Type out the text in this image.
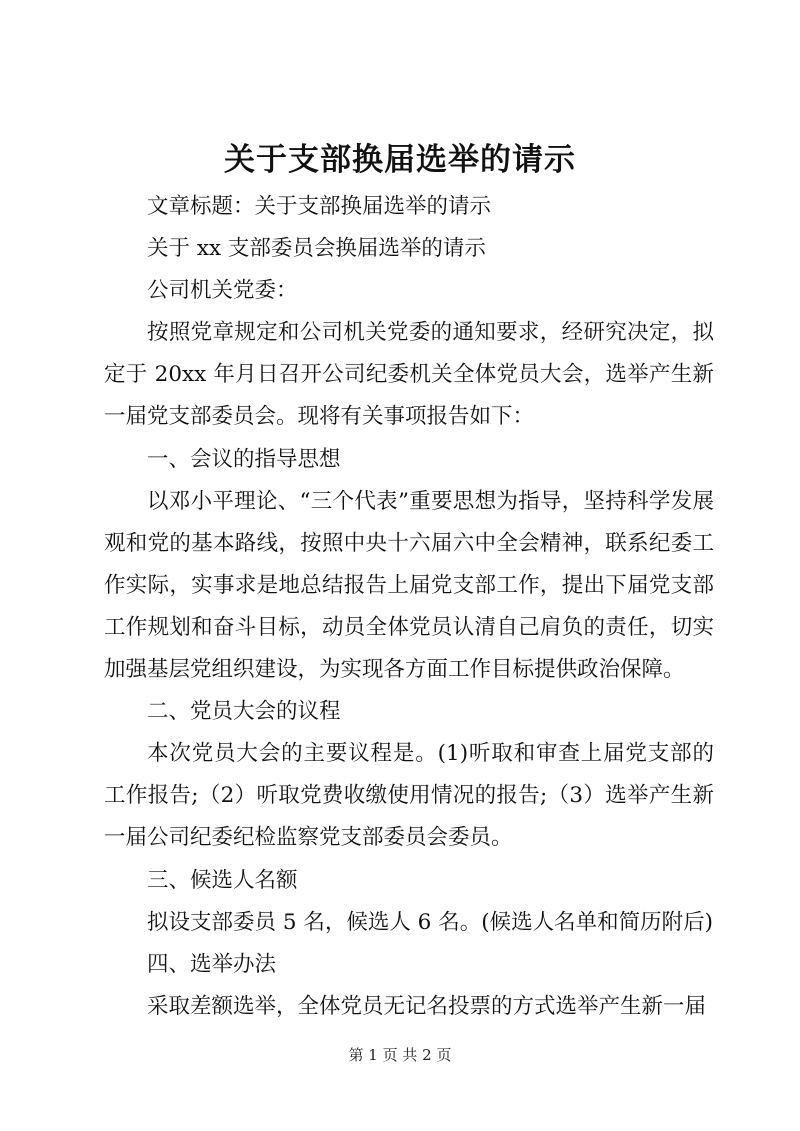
关于支部换届选举的请示

文章标题：关于支部换届选举的请示

关于 xx 支部委员会换届选举的请示

公司机关党委：

按照党章规定和公司机关党委的通知要求，经研究决定，拟定于 20xx 年月日召开公司纪委机关全体党员大会，选举产生新一届党支部委员会。现将有关事项报告如下：

一、会议的指导思想

以邓小平理论、“三个代表”重要思想为指导，坚持科学发展观和党的基本路线，按照中央十六届六中全会精神，联系纪委工作实际，实事求是地总结报告上届党支部工作，提出下届党支部工作规划和奋斗目标，动员全体党员认清自己肩负的责任，切实加强基层党组织建设，为实现各方面工作目标提供政治保障。

二、党员大会的议程

本次党员大会的主要议程是。(1)听取和审查上届党支部的工作报告;（2）听取党费收缴使用情况的报告;（3）选举产生新一届公司纪委纪检监察党支部委员会委员。

三、候选人名额

拟设支部委员 5 名，候选人 6 名。(候选人名单和简历附后)

四、选举办法

采取差额选举，全体党员无记名投票的方式选举产生新一届

第 1 页 共 2 页
